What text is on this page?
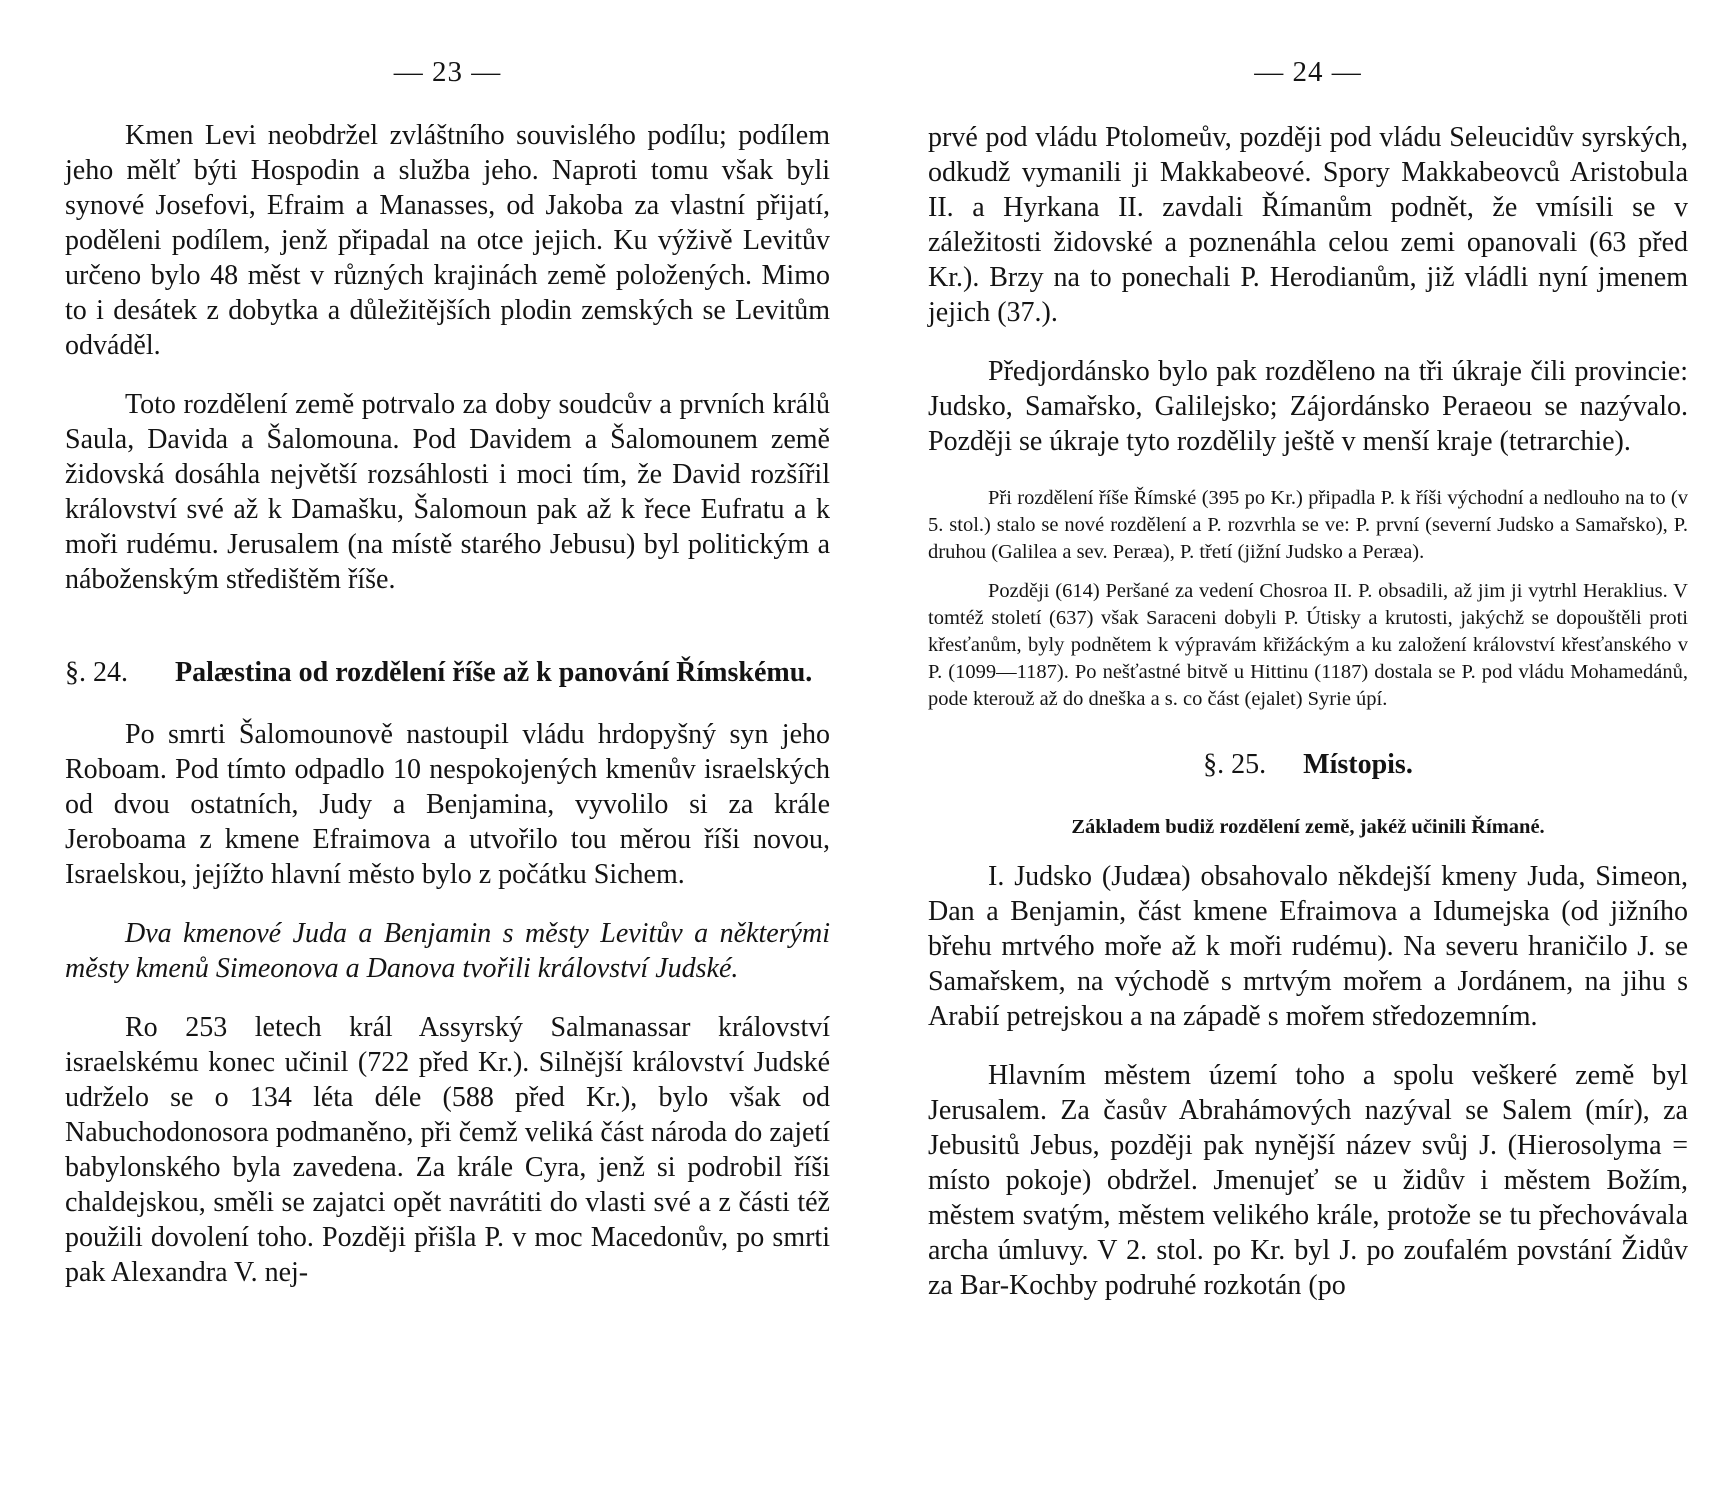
— 23 —

Kmen Levi neobdržel zvláštního souvislého podílu; podílem jeho mělť býti Hospodin a služba jeho. Naproti tomu však byli synové Josefovi, Efraim a Manasses, od Jakoba za vlastní přijatí, poděleni podílem, jenž připadal na otce jejich. Ku výživě Levitův určeno bylo 48 měst v různých krajinách země položených. Mimo to i desátek z dobytka a důležitějších plodin zemských se Levitům odváděl.

Toto rozdělení země potrvalo za doby soudcův a prvních králů Saula, Davida a Šalomouna. Pod Davidem a Šalomounem země židovská dosáhla největší rozsáhlosti i moci tím, že David rozšířil království své až k Damašku, Šalomoun pak až k řece Eufratu a k moři rudému. Jerusalem (na místě starého Jebusu) byl politickým a náboženským středištěm říše.

§. 24.	Palæstina od rozdělení říše až k panování Římskému.

Po smrti Šalomounově nastoupil vládu hrdopyšný syn jeho Roboam. Pod tímto odpadlo 10 nespokojených kmenův israelských od dvou ostatních, Judy a Benjamina, vyvolilo si za krále Jeroboama z kmene Efraimova a utvořilo tou měrou říši novou, Israelskou, jejížto hlavní město bylo z počátku Sichem.

Dva kmenové Juda a Benjamin s městy Levitův a některými městy kmenů Simeonova a Danova tvořili království Judské.

Ro 253 letech král Assyrský Salmanassar království israelskému konec učinil (722 před Kr.). Silnější království Judské udrželo se o 134 léta déle (588 před Kr.), bylo však od Nabuchodonosora podmaněno, při čemž veliká část národa do zajetí babylonského byla zavedena. Za krále Cyra, jenž si podrobil říši chaldejskou, směli se zajatci opět navrátiti do vlasti své a z části též použili dovolení toho. Později přišla P. v moc Macedonův, po smrti pak Alexandra V. nej-

— 24 —

prvé pod vládu Ptolomeův, později pod vládu Seleucidův syrských, odkudž vymanili ji Makkabeové. Spory Makkabeovců Aristobula II. a Hyrkana II. zavdali Římanům podnět, že vmísili se v záležitosti židovské a poznenáhla celou zemi opanovali (63 před Kr.). Brzy na to ponechali P. Herodianům, již vládli nyní jmenem jejich (37.).

Předjordánsko bylo pak rozděleno na tři úkraje čili provincie: Judsko, Samařsko, Galilejsko; Zájordánsko Peraeou se nazývalo. Později se úkraje tyto rozdělily ještě v menší kraje (tetrarchie).

Při rozdělení říše Římské (395 po Kr.) připadla P. k říši východní a nedlouho na to (v 5. stol.) stalo se nové rozdělení a P. rozvrhla se ve: P. první (severní Judsko a Samařsko), P. druhou (Galilea a sev. Peræa), P. třetí (jižní Judsko a Peræa).

Později (614) Peršané za vedení Chosroa II. P. obsadili, až jim ji vytrhl Heraklius. V tomtéž století (637) však Saraceni dobyli P. Útisky a krutosti, jakýchž se dopouštěli proti křesťanům, byly podnětem k výpravám křižáckým a ku založení království křesťanského v P. (1099—1187). Po nešťastné bitvě u Hittinu (1187) dostala se P. pod vládu Mohamedánů, pode kterouž až do dneška a s. co část (ejalet) Syrie úpí.

§. 25. Místopis.
Základem budiž rozdělení země, jakéž učinili Římané.

I. Judsko (Judæa) obsahovalo někdejší kmeny Juda, Simeon, Dan a Benjamin, část kmene Efraimova a Idumejska (od jižního břehu mrtvého moře až k moři rudému). Na severu hraničilo J. se Samařskem, na východě s mrtvým mořem a Jordánem, na jihu s Arabií petrejskou a na západě s mořem středozemním.

Hlavním městem území toho a spolu veškeré země byl Jerusalem. Za časův Abrahámových nazýval se Salem (mír), za Jebusitů Jebus, později pak nynější název svůj J. (Hierosolyma = místo pokoje) obdržel. Jmenujeť se u židův i městem Božím, městem svatým, městem velikého krále, protože se tu přechovávala archa úmluvy. V 2. stol. po Kr. byl J. po zoufalém povstání Židův za Bar-Kochby podruhé rozkotán (po
